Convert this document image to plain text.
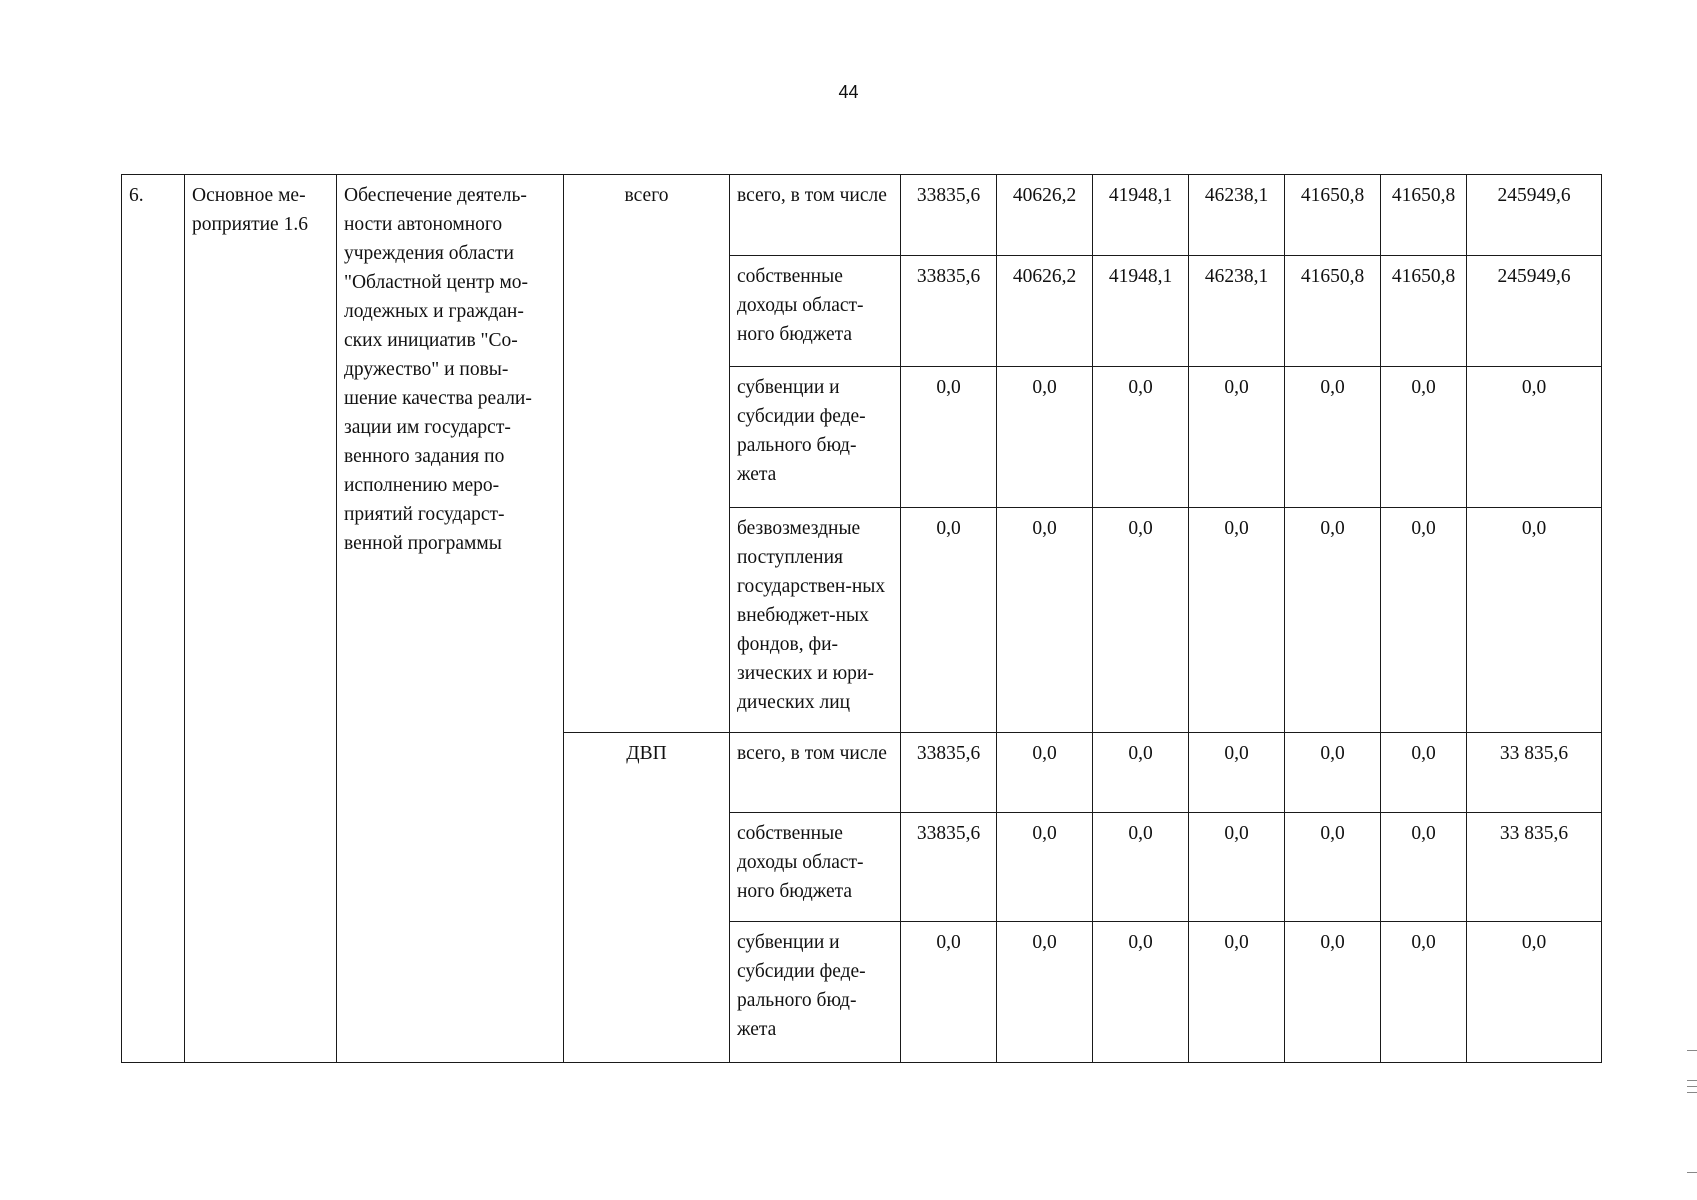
44
6.	Основное ме-роприятие 1.6	Обеспечение деятель-ности автономного учреждения области "Областной центр мо-лодежных и граждан-ских инициатив "Со-дружество" и повы-шение качества реали-зации им государст-венного задания по исполнению меро-приятий государст-венной программы	всего	всего, в том числе	33835,6	40626,2	41948,1	46238,1	41650,8	41650,8	245949,6
				собственные доходы област-ного бюджета	33835,6	40626,2	41948,1	46238,1	41650,8	41650,8	245949,6
				субвенции и субсидии феде-рального бюд-жета	0,0	0,0	0,0	0,0	0,0	0,0	0,0
				безвозмездные поступления государствен-ных внебюджет-ных фондов, фи-зических и юри-дических лиц	0,0	0,0	0,0	0,0	0,0	0,0	0,0
			ДВП	всего, в том числе	33835,6	0,0	0,0	0,0	0,0	0,0	33 835,6
				собственные доходы област-ного бюджета	33835,6	0,0	0,0	0,0	0,0	0,0	33 835,6
				субвенции и субсидии феде-рального бюд-жета	0,0	0,0	0,0	0,0	0,0	0,0	0,0
